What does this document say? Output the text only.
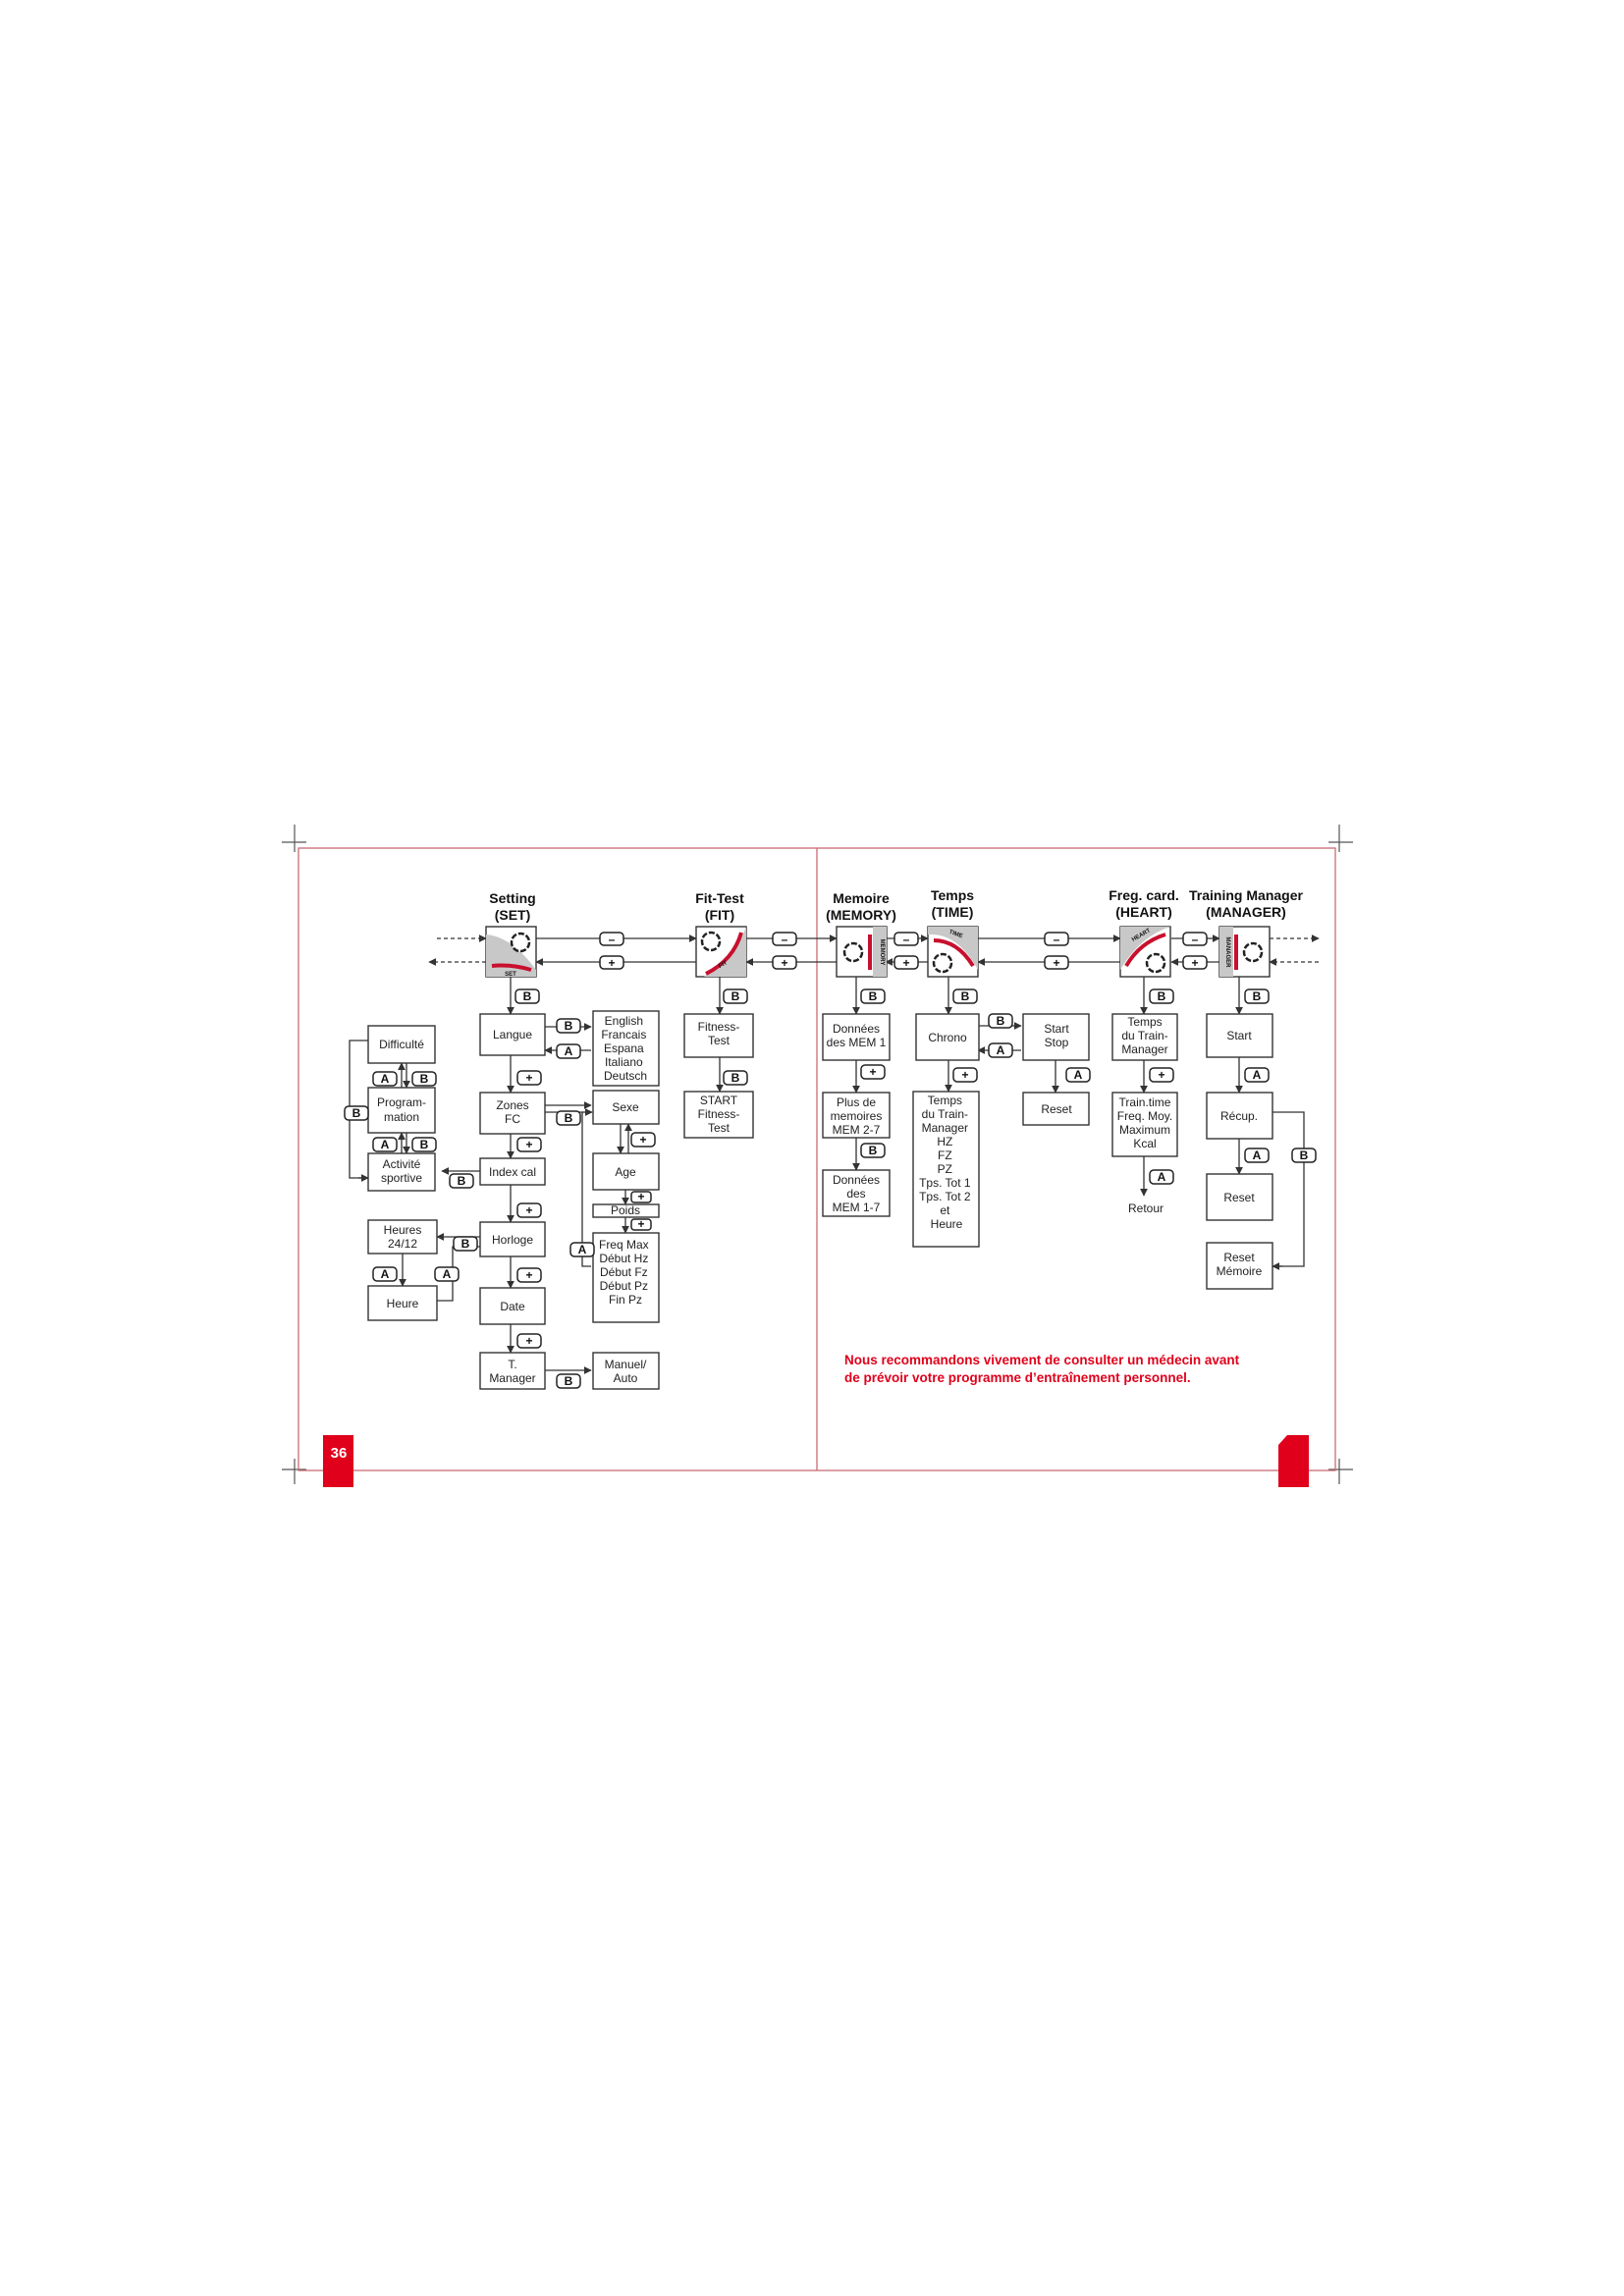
36
Setting (SET)
Fit-Test (FIT)
Memoire (MEMORY)
Temps (TIME)
Freg. card. (HEART)
Training Manager (MANAGER)
SET
FIT	MEMORY
TIME	HEART
MANAGER
–
+
–
+
–
+
–
+
–
+
Langue
English Francais Espana Italiano Deutsch
Zones FC
Sexe
Age
Poids
Freq Max Début Hz Début Fz Début Pz Fin Pz
Index cal
Horloge
Date
T. Manager
Manuel/ Auto
Difficulté
Program-mation
Activité sportive
Heures 24/12
Heure
B
B
A
+
B
+	+
+
+
B
+
A
B
+
+
B
A	A
A	B
A	B
B
Fitness-Test
START Fitness-Test
B
B
Données des MEM 1
Plus de memoires MEM 2-7
Données des MEM 1-7
B
+
B
Chrono
Start Stop
Reset
Temps du Train- Manager HZ FZ PZ Tps. Tot 1 Tps. Tot 2 et Heure
B
B
A
+	A
Temps du Train-Manager
Train.time Freq. Moy. Maximum Kcal
Retour
B
+
A
Start
Récup.
Reset
Reset Mémoire
B
A
A	B
Nous recommandons vivement de consulter un médecin avant de prévoir votre programme d’entraînement personnel.
